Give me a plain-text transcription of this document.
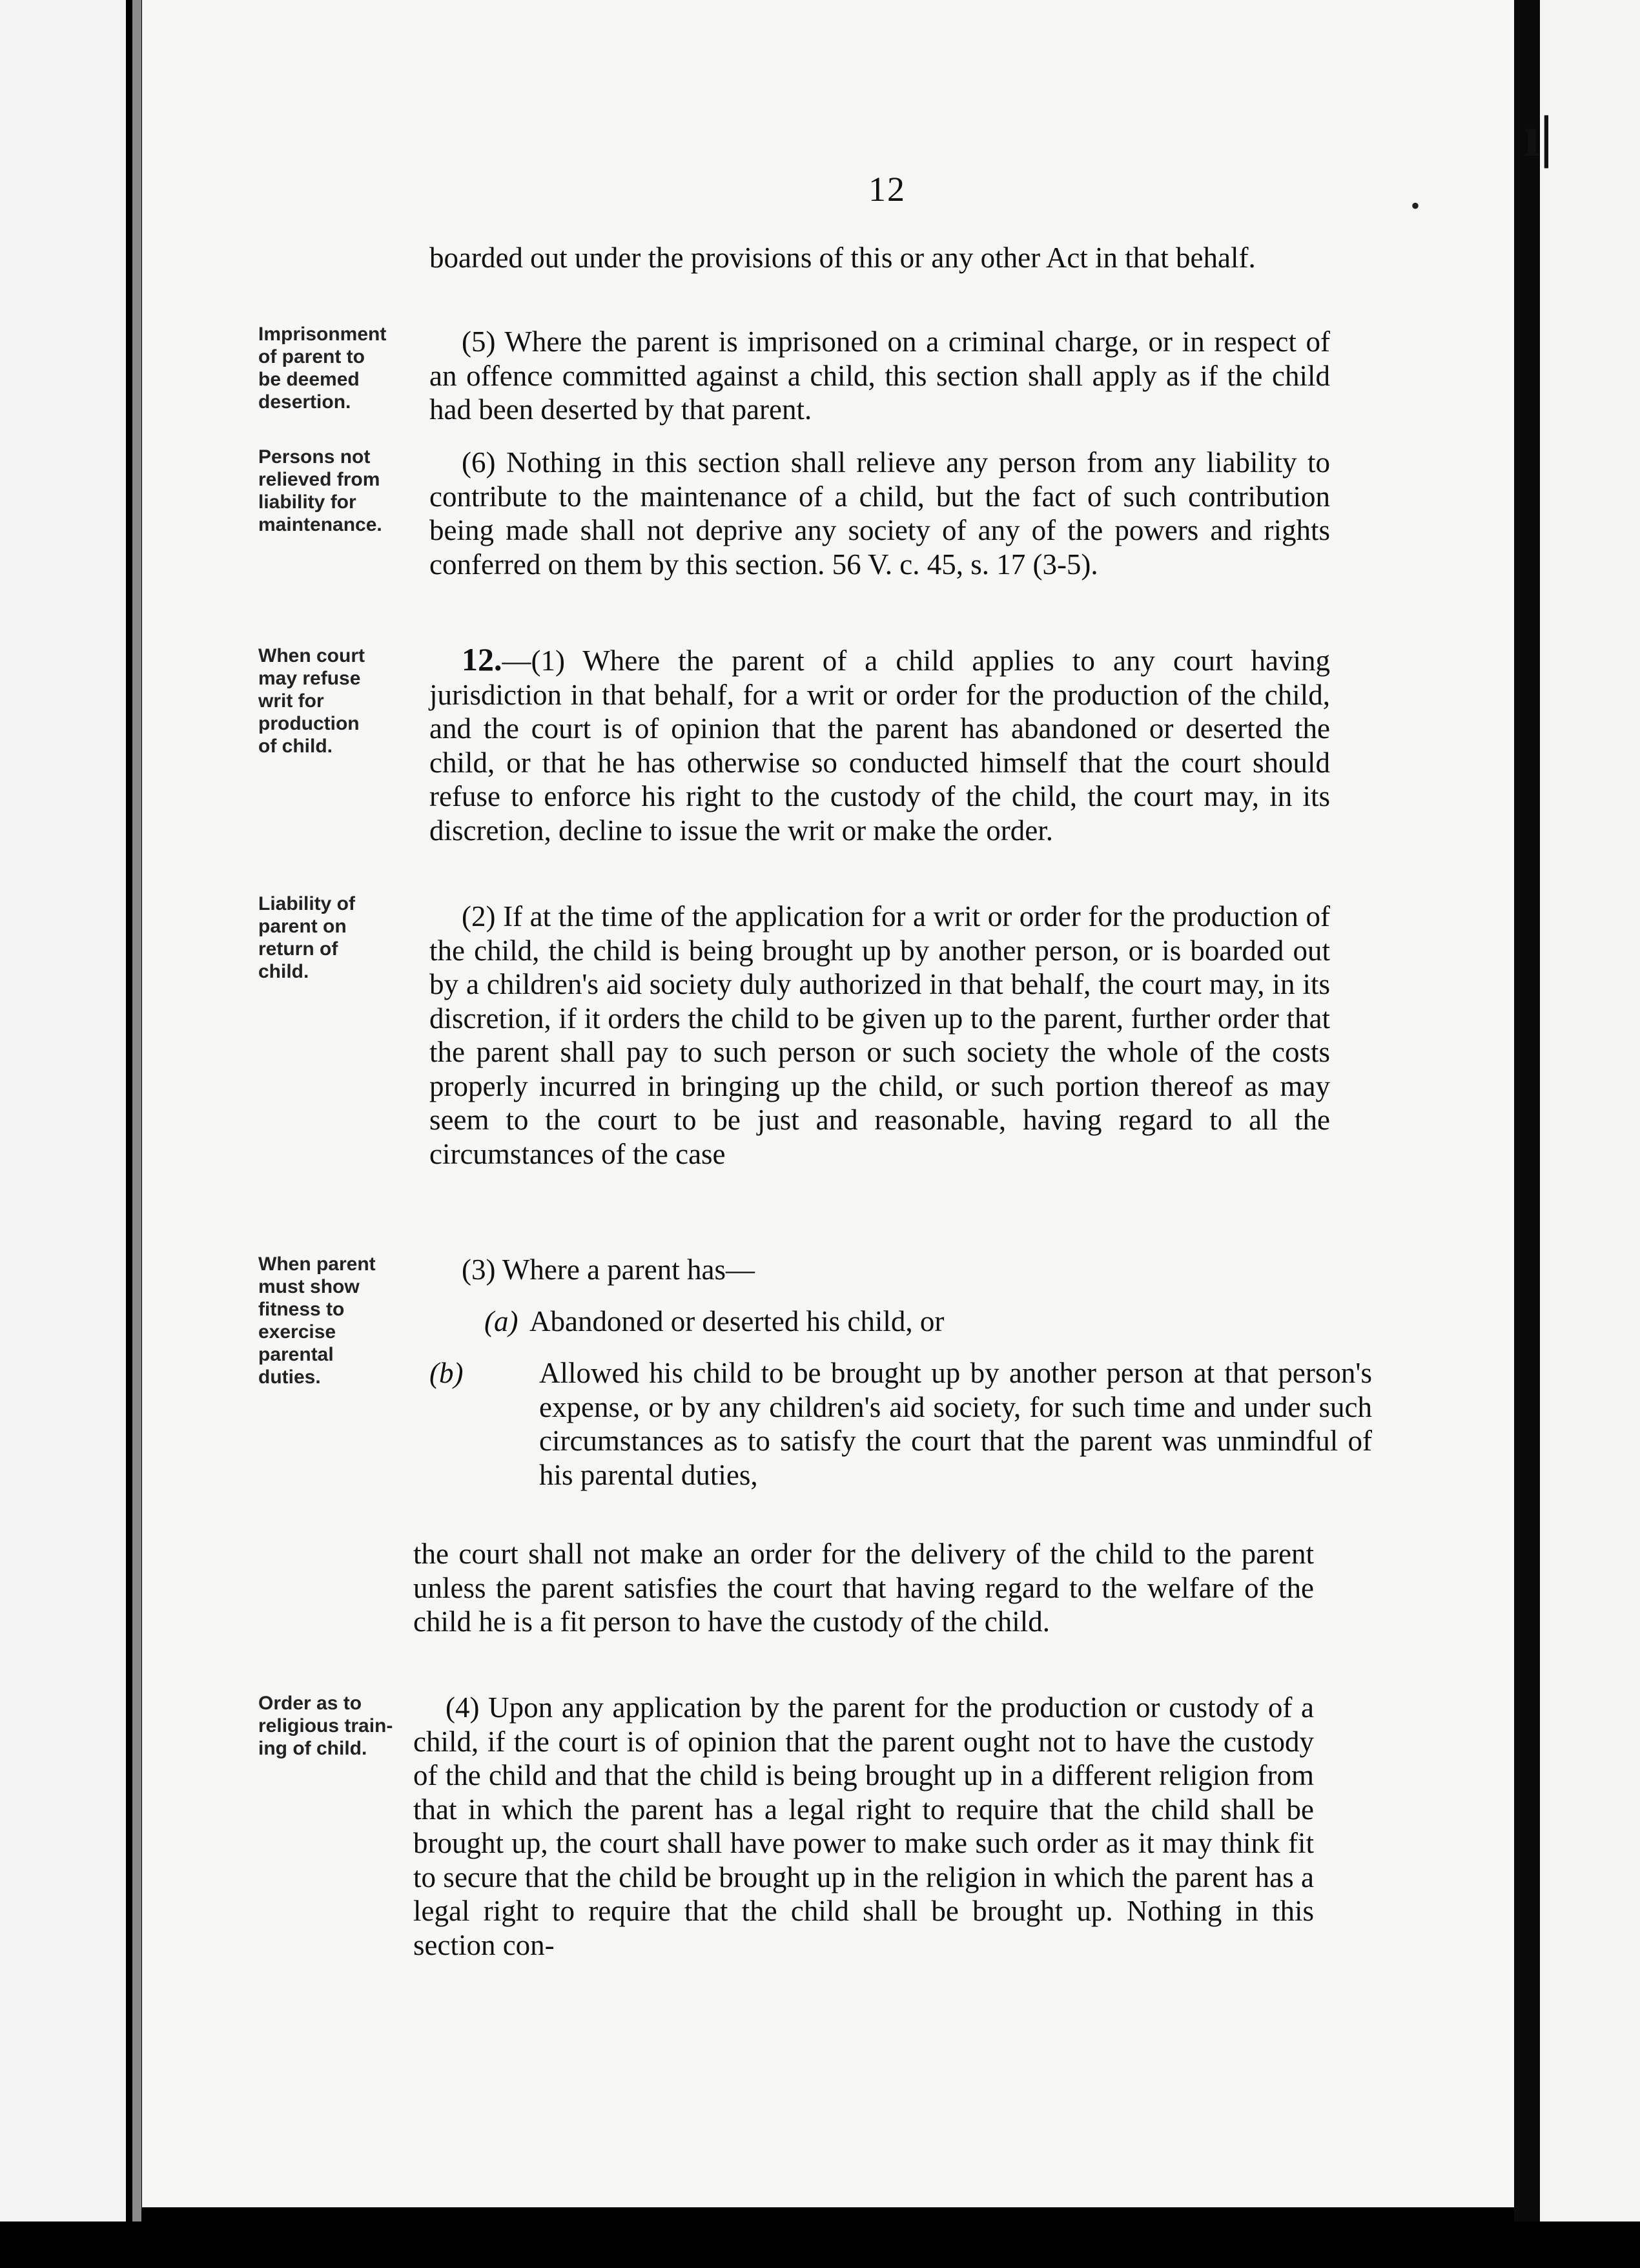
ı|
•
12
boarded out under the provisions of this or any other Act in that behalf.
Imprisonment
of parent to
be deemed
desertion.
(5) Where the parent is imprisoned on a criminal charge, or in respect of an offence committed against a child, this section shall apply as if the child had been deserted by that parent.
Persons not
relieved from
liability for
maintenance.
(6) Nothing in this section shall relieve any person from any liability to contribute to the maintenance of a child, but the fact of such contribution being made shall not deprive any society of any of the powers and rights conferred on them by this section. 56 V. c. 45, s. 17 (3-5).
When court
may refuse
writ for
production
of child.
12.—(1) Where the parent of a child applies to any court having jurisdiction in that behalf, for a writ or order for the production of the child, and the court is of opinion that the parent has abandoned or deserted the child, or that he has otherwise so conducted himself that the court should refuse to enforce his right to the custody of the child, the court may, in its discretion, decline to issue the writ or make the order.
Liability of
parent on
return of
child.
(2) If at the time of the application for a writ or order for the production of the child, the child is being brought up by another person, or is boarded out by a children's aid society duly authorized in that behalf, the court may, in its discretion, if it orders the child to be given up to the parent, further order that the parent shall pay to such person or such society the whole of the costs properly incurred in bringing up the child, or such portion thereof as may seem to the court to be just and reasonable, having regard to all the circumstances of the case
When parent
must show
fitness to
exercise
parental
duties.
(3) Where a parent has—
(a) Abandoned or deserted his child, or
(b)	Allowed his child to be brought up by another person at that person's expense, or by any children's aid society, for such time and under such circumstances as to satisfy the court that the parent was unmindful of his parental duties,
the court shall not make an order for the delivery of the child to the parent unless the parent satisfies the court that having regard to the welfare of the child he is a fit person to have the custody of the child.
Order as to
religious train-
ing of child.
(4) Upon any application by the parent for the production or custody of a child, if the court is of opinion that the parent ought not to have the custody of the child and that the child is being brought up in a different religion from that in which the parent has a legal right to require that the child shall be brought up, the court shall have power to make such order as it may think fit to secure that the child be brought up in the religion in which the parent has a legal right to require that the child shall be brought up. Nothing in this section con-
